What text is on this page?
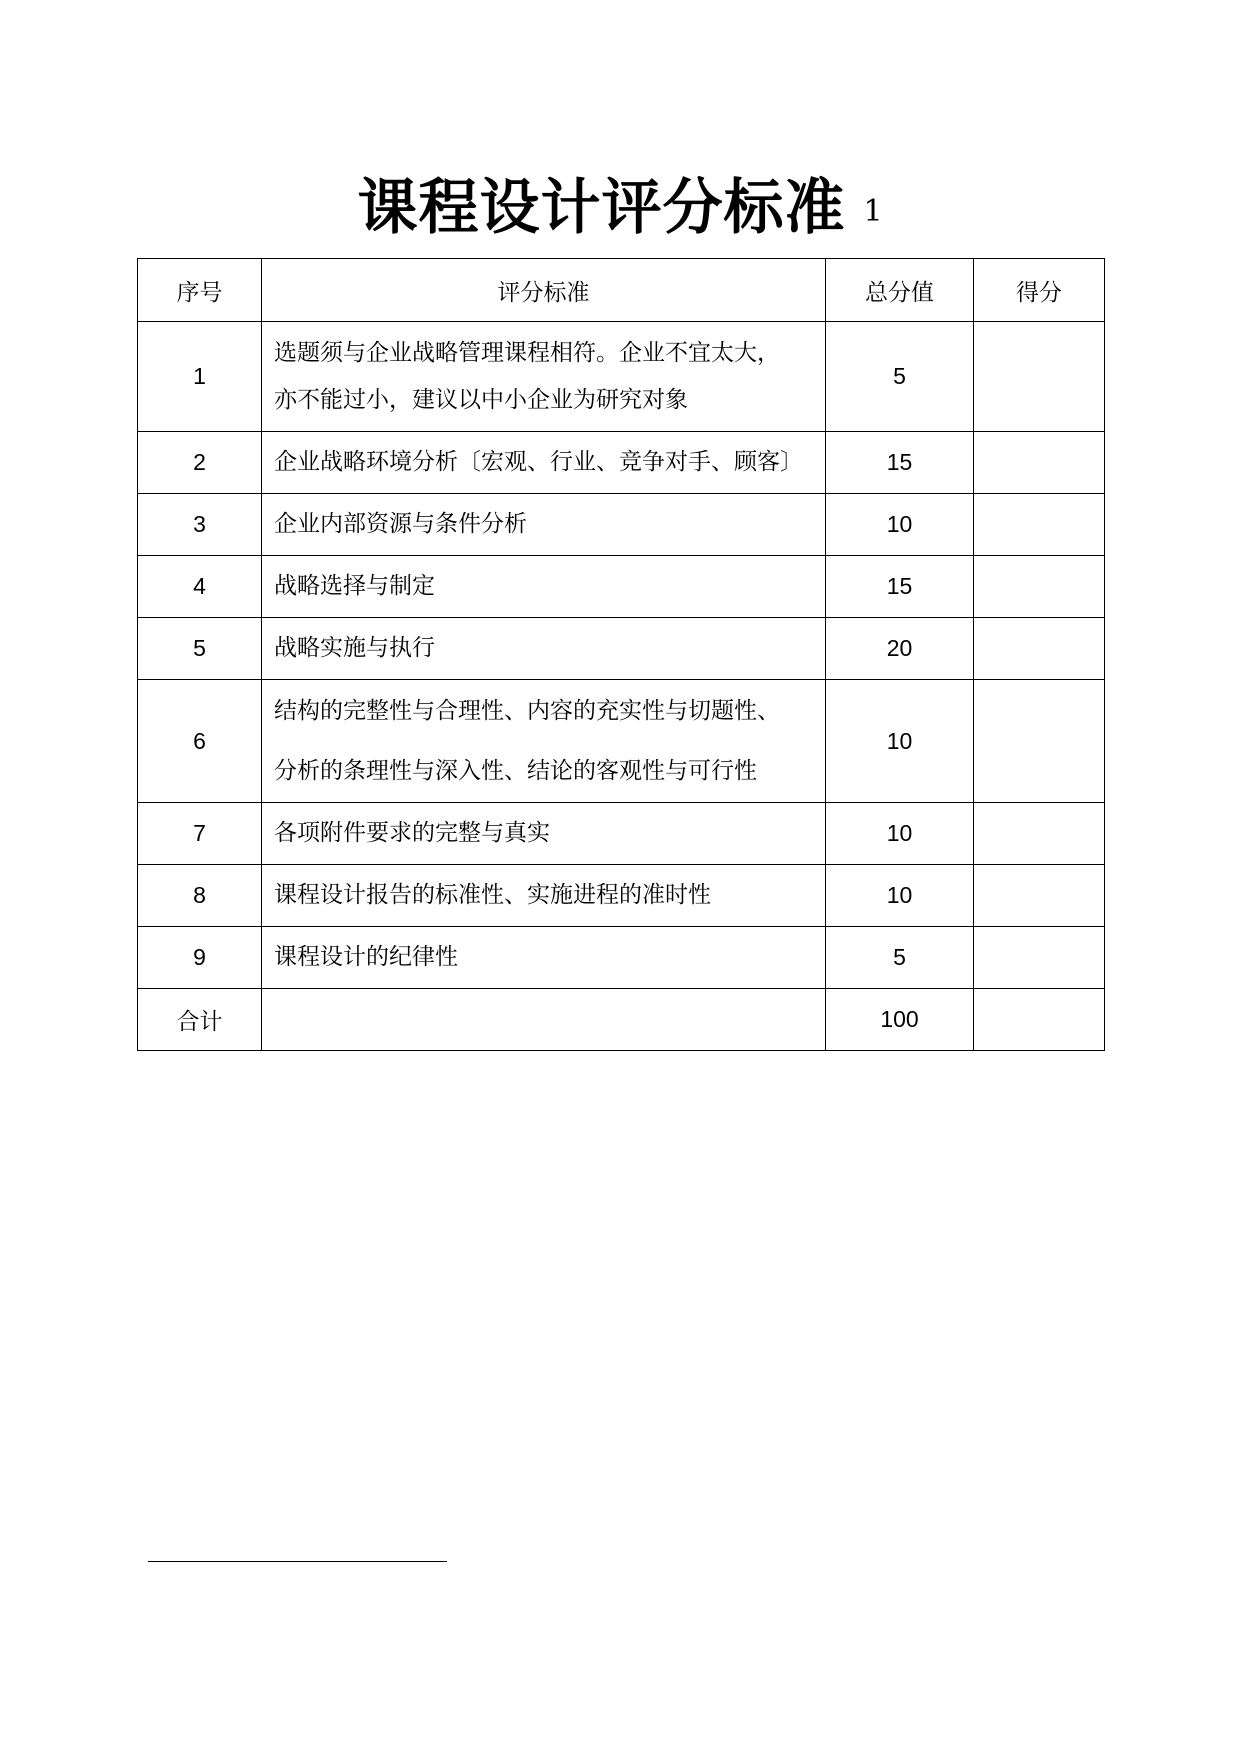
课程设计评分标准 $^1$
序号	评分标准	总分值	得分
1	选题须与企业战略管理课程相符。企业不宜太大，
亦不能过小，建议以中小企业为研究对象	5	
2	企业战略环境分析〔宏观、行业、竞争对手、顾客〕	15	
3	企业内部资源与条件分析	10	
4	战略选择与制定	15	
5	战略实施与执行	20	
6	结构的完整性与合理性、内容的充实性与切题性、
分析的条理性与深入性、结论的客观性与可行性	10	
7	各项附件要求的完整与真实	10	
8	课程设计报告的标准性、实施进程的准时性	10	
9	课程设计的纪律性	5	
合计		100	
